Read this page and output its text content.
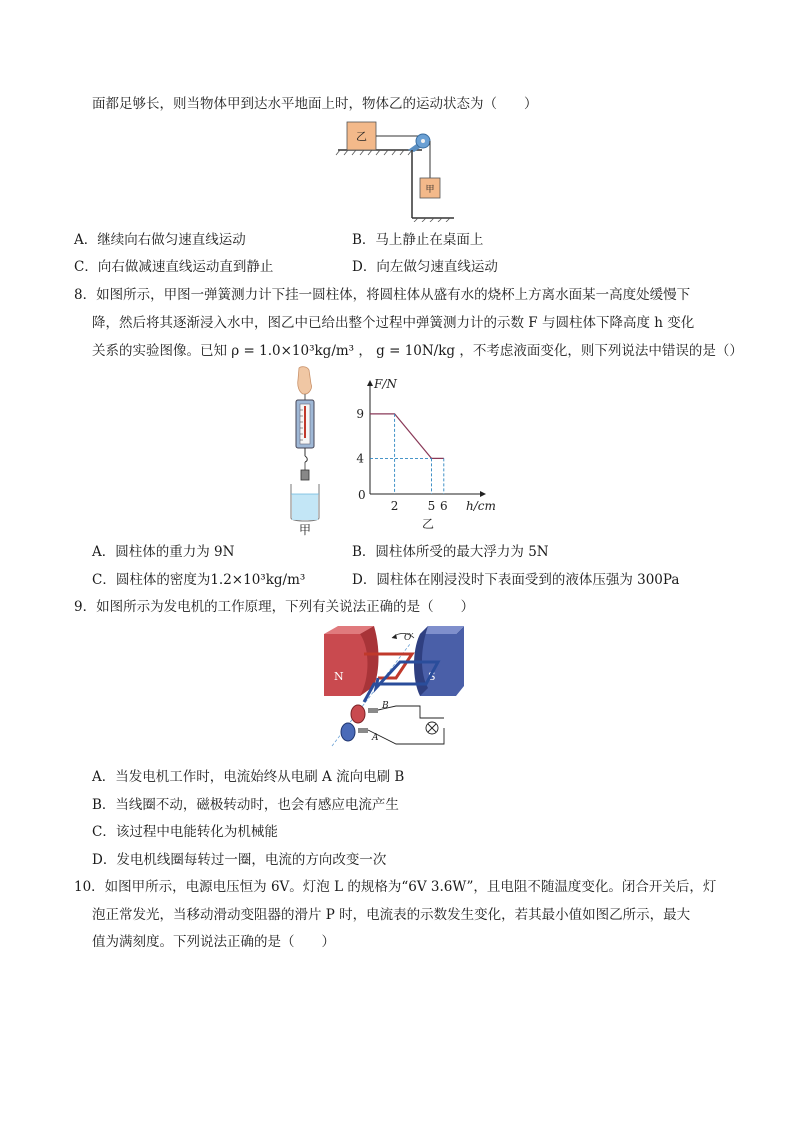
面都足够长，则当物体甲到达水平地面上时，物体乙的运动状态为（　　）
乙
甲
A．继续向右做匀速直线运动	B．马上静止在桌面上
C．向右做减速直线运动直到静止	D．向左做匀速直线运动
8．如图所示，甲图一弹簧测力计下挂一圆柱体，将圆柱体从盛有水的烧杯上方离水面某一高度处缓慢下
降，然后将其逐渐浸入水中，图乙中已给出整个过程中弹簧测力计的示数 F 与圆柱体下降高度 h 变化
关系的实验图像。已知 ρ = 1.0×10³kg/m³ ， g = 10N/kg ，不考虑液面变化，则下列说法中错误的是（）
甲
F/N
h/cm
0
2 5 6
9
4
乙
A．圆柱体的重力为 9N	B．圆柱体所受的最大浮力为 5N
C．圆柱体的密度为1.2×10³kg/m³	D．圆柱体在刚浸没时下表面受到的液体压强为 300Pa
9．如图所示为发电机的工作原理，下列有关说法正确的是（　　）
N	S
O′
B
A
A．当发电机工作时，电流始终从电刷 A 流向电刷 B
B．当线圈不动，磁极转动时，也会有感应电流产生
C．该过程中电能转化为机械能
D．发电机线圈每转过一圈，电流的方向改变一次
10．如图甲所示，电源电压恒为 6V。灯泡 L 的规格为“6V 3.6W”，且电阻不随温度变化。闭合开关后，灯
泡正常发光，当移动滑动变阻器的滑片 P 时，电流表的示数发生变化，若其最小值如图乙所示，最大
值为满刻度。下列说法正确的是（　　）
